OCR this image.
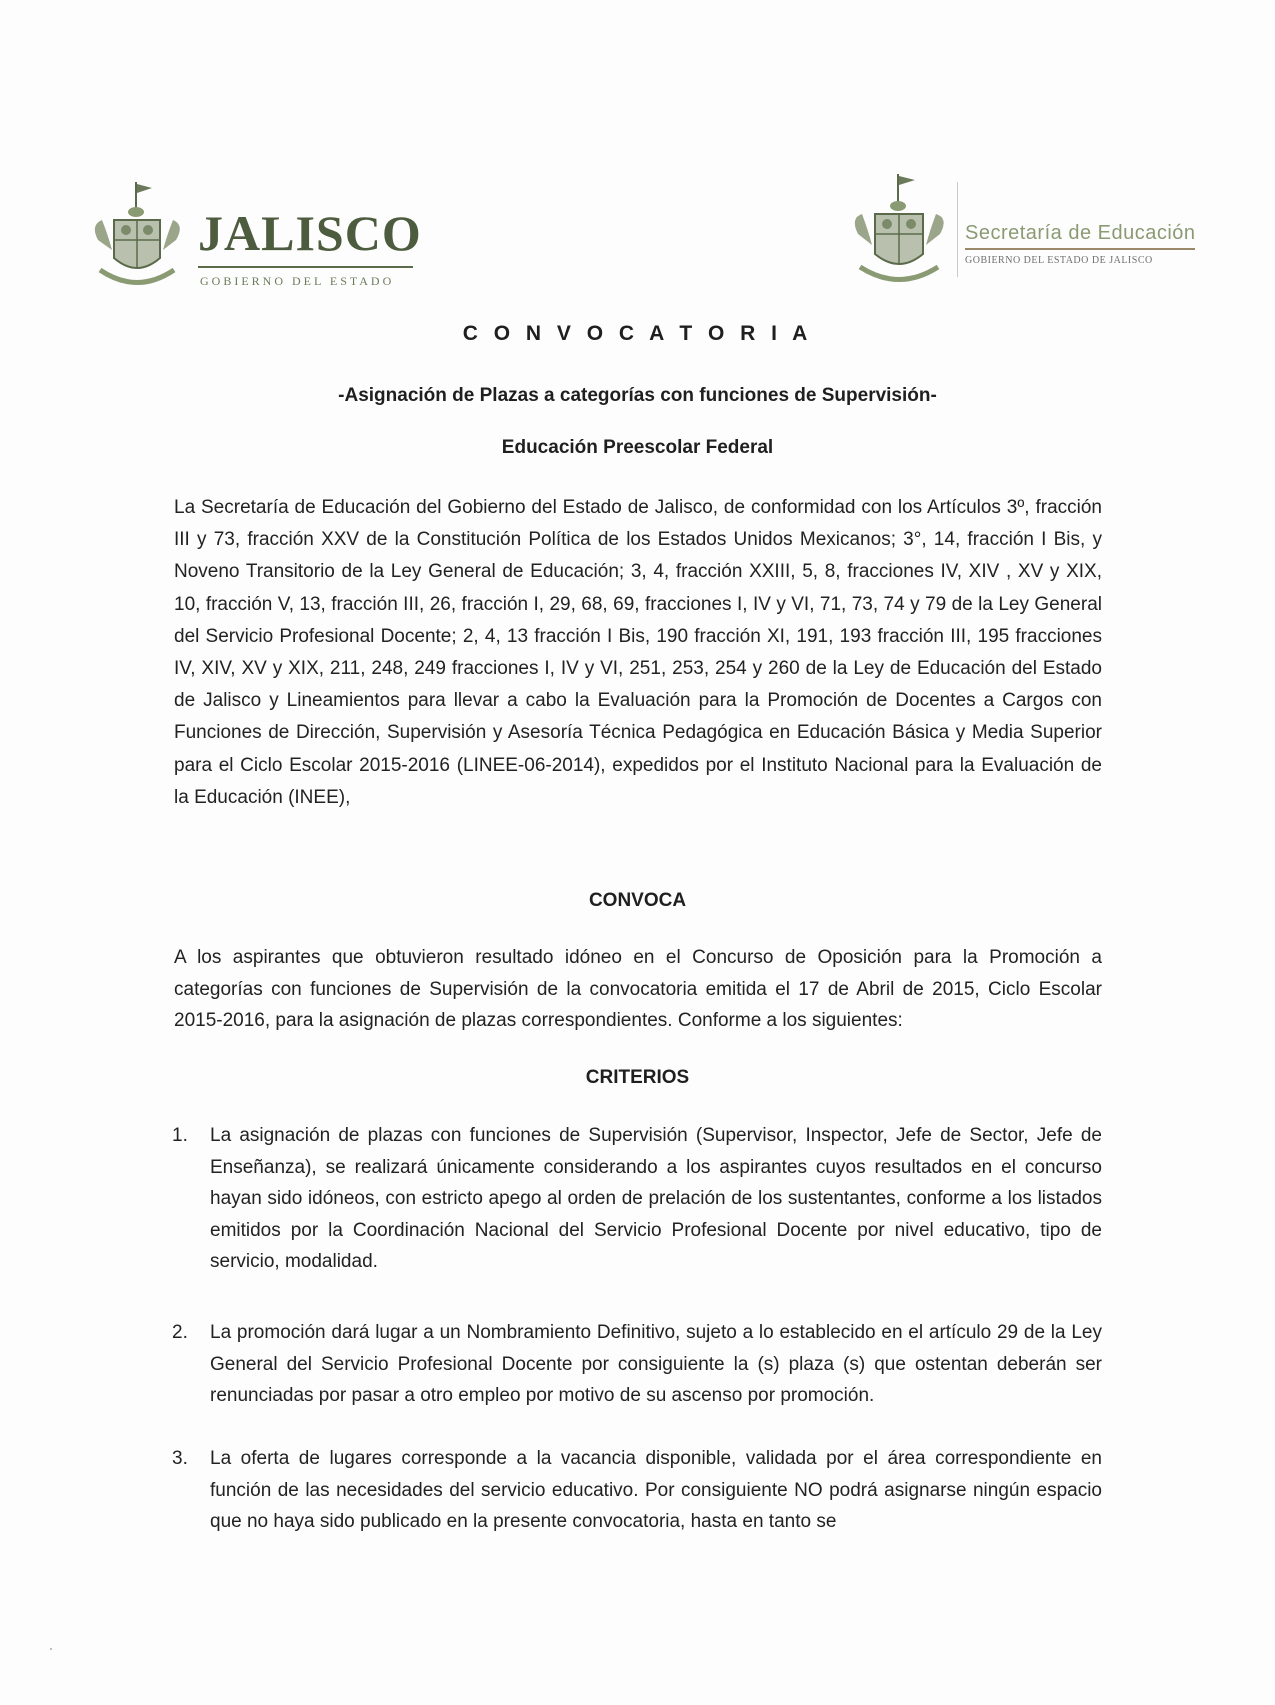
JALISCO
GOBIERNO DEL ESTADO
Secretaría de Educación
GOBIERNO DEL ESTADO DE JALISCO
C O N V O C A T O R I A
-Asignación de Plazas a categorías con funciones de Supervisión-
Educación Preescolar Federal
La Secretaría de Educación del Gobierno del Estado de Jalisco, de conformidad con los Artículos 3º, fracción III y 73, fracción XXV de la Constitución Política de los Estados Unidos Mexicanos; 3°, 14, fracción I Bis, y Noveno Transitorio de la Ley General de Educación; 3, 4, fracción XXIII, 5, 8, fracciones IV, XIV , XV y XIX, 10, fracción V, 13, fracción III, 26, fracción I, 29, 68, 69, fracciones I, IV y VI, 71, 73, 74 y 79 de la Ley General del Servicio Profesional Docente; 2, 4, 13 fracción I Bis, 190 fracción XI, 191, 193 fracción III, 195 fracciones IV, XIV, XV y XIX, 211, 248, 249 fracciones I, IV y VI, 251, 253, 254 y 260 de la Ley de Educación del Estado de Jalisco y Lineamientos para llevar a cabo la Evaluación para la Promoción de Docentes a Cargos con Funciones de Dirección, Supervisión y Asesoría Técnica Pedagógica en Educación Básica y Media Superior para el Ciclo Escolar 2015-2016 (LINEE-06-2014), expedidos por el Instituto Nacional para la Evaluación de la Educación (INEE),
CONVOCA
A los aspirantes que obtuvieron resultado idóneo en el Concurso de Oposición para la Promoción a categorías con funciones de Supervisión de la convocatoria emitida el 17 de Abril de 2015, Ciclo Escolar 2015-2016, para la asignación de plazas correspondientes. Conforme a los siguientes:
CRITERIOS
1. La asignación de plazas con funciones de Supervisión (Supervisor, Inspector, Jefe de Sector, Jefe de Enseñanza), se realizará únicamente considerando a los aspirantes cuyos resultados en el concurso hayan sido idóneos, con estricto apego al orden de prelación de los sustentantes, conforme a los listados emitidos por la Coordinación Nacional del Servicio Profesional Docente por nivel educativo, tipo de servicio, modalidad.
2. La promoción dará lugar a un Nombramiento Definitivo, sujeto a lo establecido en el artículo 29 de la Ley General del Servicio Profesional Docente por consiguiente la (s) plaza (s) que ostentan deberán ser renunciadas por pasar a otro empleo por motivo de su ascenso por promoción.
3. La oferta de lugares corresponde a la vacancia disponible, validada por el área correspondiente en función de las necesidades del servicio educativo. Por consiguiente NO podrá asignarse ningún espacio que no haya sido publicado en la presente convocatoria, hasta en tanto se
